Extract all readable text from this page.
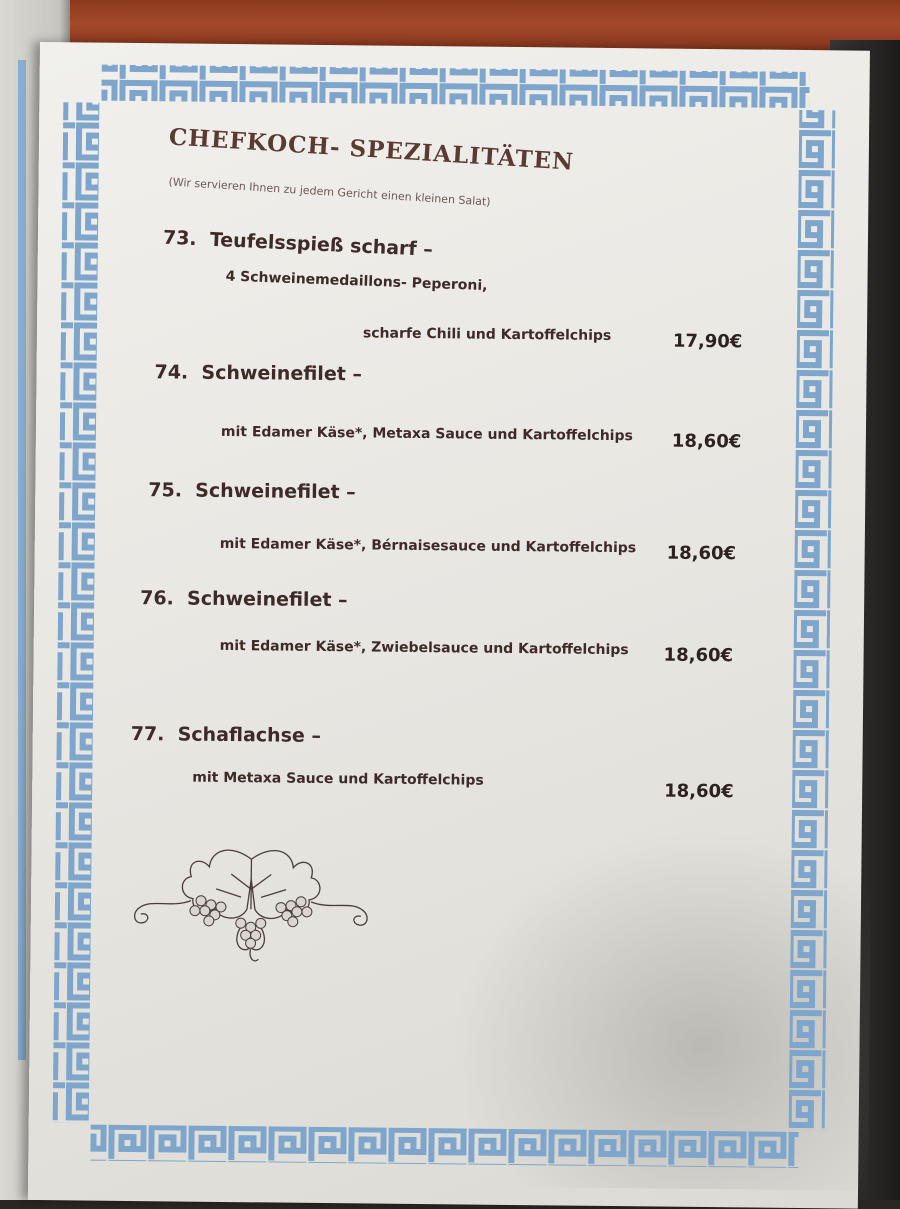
CHEFKOCH- SPEZIALITÄTEN
(Wir servieren Ihnen zu jedem Gericht einen kleinen Salat)
73. Teufelsspieß scharf –
4 Schweinemedaillons- Peperoni,
scharfe Chili und Kartoffelchips	17,90€
74. Schweinefilet –
mit Edamer Käse*, Metaxa Sauce und Kartoffelchips 18,60€
75. Schweinefilet –
mit Edamer Käse*, Bérnaisesauce und Kartoffelchips 18,60€
76. Schweinefilet –
mit Edamer Käse*, Zwiebelsauce und Kartoffelchips 18,60€
77. Schaflachse –
mit Metaxa Sauce und Kartoffelchips
18,60€
